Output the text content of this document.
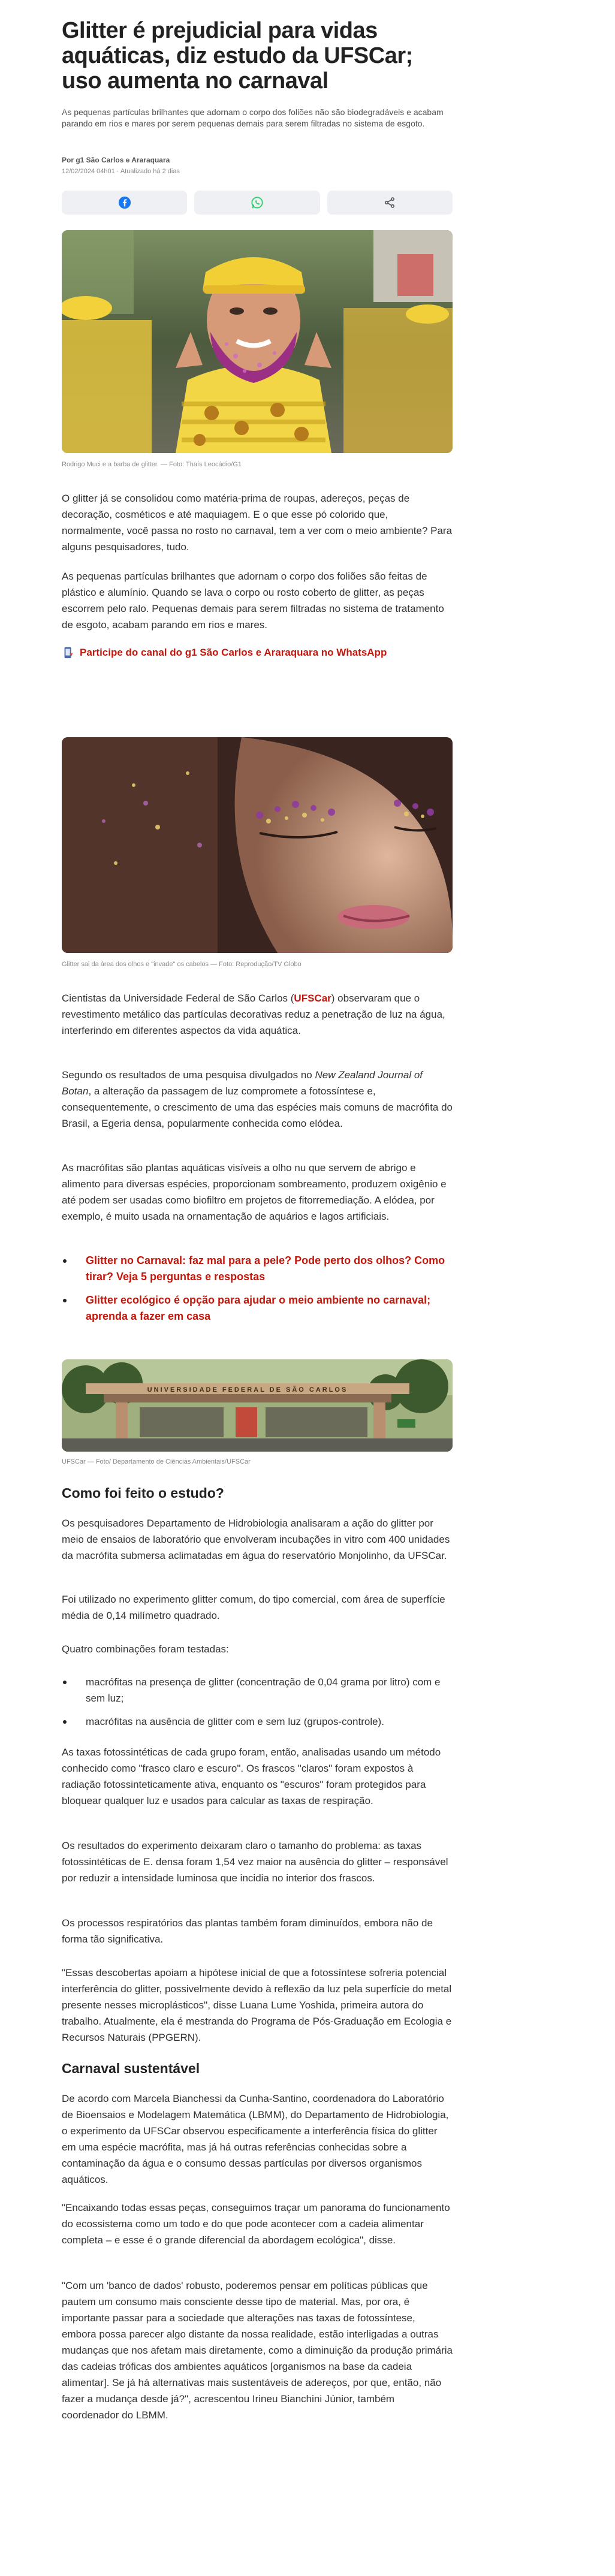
Glitter é prejudicial para vidas aquáticas, diz estudo da UFSCar; uso aumenta no carnaval

As pequenas partículas brilhantes que adornam o corpo dos foliões não são biodegradáveis e acabam parando em rios e mares por serem pequenas demais para serem filtradas no sistema de esgoto.

Por g1 São Carlos e Araraquara
12/02/2024 04h01 · Atualizado há 2 dias
Rodrigo Muci e a barba de glitter. — Foto: Thaís Leocádio/G1

O glitter já se consolidou como matéria-prima de roupas, adereços, peças de decoração, cosméticos e até maquiagem. E o que esse pó colorido que, normalmente, você passa no rosto no carnaval, tem a ver com o meio ambiente? Para alguns pesquisadores, tudo.

As pequenas partículas brilhantes que adornam o corpo dos foliões são feitas de plástico e alumínio. Quando se lava o corpo ou rosto coberto de glitter, as peças escorrem pelo ralo. Pequenas demais para serem filtradas no sistema de tratamento de esgoto, acabam parando em rios e mares.

Participe do canal do g1 São Carlos e Araraquara no WhatsApp
Glitter sai da área dos olhos e "invade" os cabelos — Foto: Reprodução/TV Globo

Cientistas da Universidade Federal de São Carlos (UFSCar) observaram que o revestimento metálico das partículas decorativas reduz a penetração de luz na água, interferindo em diferentes aspectos da vida aquática.

Segundo os resultados de uma pesquisa divulgados no New Zealand Journal of Botan, a alteração da passagem de luz compromete a fotossíntese e, consequentemente, o crescimento de uma das espécies mais comuns de macrófita do Brasil, a Egeria densa, popularmente conhecida como elódea.

As macrófitas são plantas aquáticas visíveis a olho nu que servem de abrigo e alimento para diversas espécies, proporcionam sombreamento, produzem oxigênio e até podem ser usadas como biofiltro em projetos de fitorremediação. A elódea, por exemplo, é muito usada na ornamentação de aquários e lagos artificiais.

Glitter no Carnaval: faz mal para a pele? Pode perto dos olhos? Como tirar? Veja 5 perguntas e respostas
Glitter ecológico é opção para ajudar o meio ambiente no carnaval; aprenda a fazer em casa
UNIVERSIDADE FEDERAL DE SÃO CARLOS
UFSCar — Foto/ Departamento de Ciências Ambientais/UFSCar
Como foi feito o estudo?

Os pesquisadores Departamento de Hidrobiologia analisaram a ação do glitter por meio de ensaios de laboratório que envolveram incubações in vitro com 400 unidades da macrófita submersa aclimatadas em água do reservatório Monjolinho, da UFSCar.

Foi utilizado no experimento glitter comum, do tipo comercial, com área de superfície média de 0,14 milímetro quadrado.

Quatro combinações foram testadas:

macrófitas na presença de glitter (concentração de 0,04 grama por litro) com e sem luz;
macrófitas na ausência de glitter com e sem luz (grupos-controle).

As taxas fotossintéticas de cada grupo foram, então, analisadas usando um método conhecido como "frasco claro e escuro". Os frascos "claros" foram expostos à radiação fotossinteticamente ativa, enquanto os "escuros" foram protegidos para bloquear qualquer luz e usados para calcular as taxas de respiração.

Os resultados do experimento deixaram claro o tamanho do problema: as taxas fotossintéticas de E. densa foram 1,54 vez maior na ausência do glitter – responsável por reduzir a intensidade luminosa que incidia no interior dos frascos.

Os processos respiratórios das plantas também foram diminuídos, embora não de forma tão significativa.

"Essas descobertas apoiam a hipótese inicial de que a fotossíntese sofreria potencial interferência do glitter, possivelmente devido à reflexão da luz pela superfície do metal presente nesses microplásticos", disse Luana Lume Yoshida, primeira autora do trabalho. Atualmente, ela é mestranda do Programa de Pós-Graduação em Ecologia e Recursos Naturais (PPGERN).

Carnaval sustentável

De acordo com Marcela Bianchessi da Cunha-Santino, coordenadora do Laboratório de Bioensaios e Modelagem Matemática (LBMM), do Departamento de Hidrobiologia, o experimento da UFSCar observou especificamente a interferência física do glitter em uma espécie macrófita, mas já há outras referências conhecidas sobre a contaminação da água e o consumo dessas partículas por diversos organismos aquáticos.

"Encaixando todas essas peças, conseguimos traçar um panorama do funcionamento do ecossistema como um todo e do que pode acontecer com a cadeia alimentar completa – e esse é o grande diferencial da abordagem ecológica", disse.

"Com um 'banco de dados' robusto, poderemos pensar em políticas públicas que pautem um consumo mais consciente desse tipo de material. Mas, por ora, é importante passar para a sociedade que alterações nas taxas de fotossíntese, embora possa parecer algo distante da nossa realidade, estão interligadas a outras mudanças que nos afetam mais diretamente, como a diminuição da produção primária das cadeias tróficas dos ambientes aquáticos [organismos na base da cadeia alimentar]. Se já há alternativas mais sustentáveis de adereços, por que, então, não fazer a mudança desde já?", acrescentou Irineu Bianchini Júnior, também coordenador do LBMM.
